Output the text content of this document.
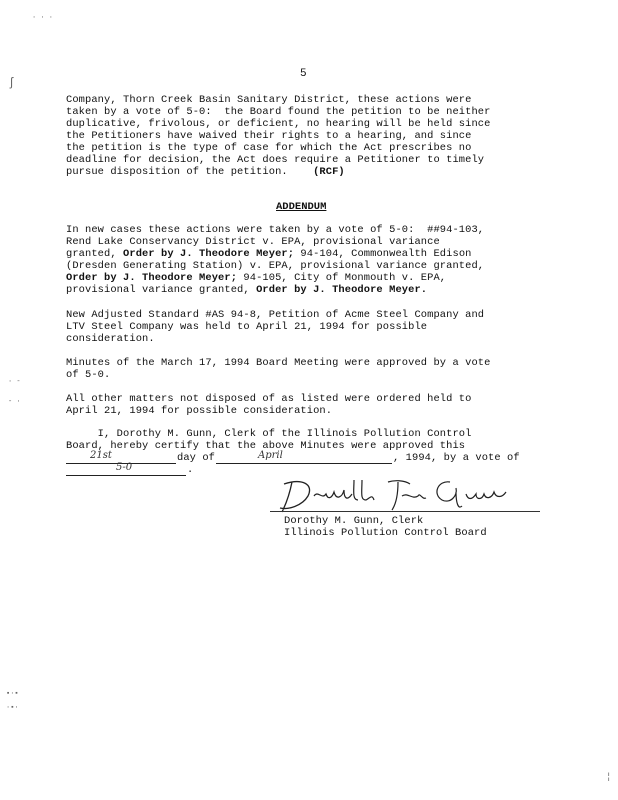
5
Company, Thorn Creek Basin Sanitary District, these actions were
taken by a vote of 5-0:  the Board found the petition to be neither
duplicative, frivolous, or deficient, no hearing will be held since
the Petitioners have waived their rights to a hearing, and since
the petition is the type of case for which the Act prescribes no
deadline for decision, the Act does require a Petitioner to timely
pursue disposition of the petition. (RCF)
ADDENDUM
In new cases these actions were taken by a vote of 5-0:  ##94-103,
Rend Lake Conservancy District v. EPA, provisional variance
granted, Order by J. Theodore Meyer; 94-104, Commonwealth Edison
(Dresden Generating Station) v. EPA, provisional variance granted,
Order by J. Theodore Meyer; 94-105, City of Monmouth v. EPA,
provisional variance granted, Order by J. Theodore Meyer.
New Adjusted Standard #AS 94-8, Petition of Acme Steel Company and
LTV Steel Company was held to April 21, 1994 for possible
consideration.
Minutes of the March 17, 1994 Board Meeting were approved by a vote
of 5-0.
All other matters not disposed of as listed were ordered held to
April 21, 1994 for possible consideration.
I, Dorothy M. Gunn, Clerk of the Illinois Pollution Control
Board, hereby certify that the above Minutes were approved this
21st	day of	April	, 1994, by a vote of
5-0	.
Dorothy M. Gunn, Clerk
Illinois Pollution Control Board
· · ·
ʃ
· -
- ·
▪·▪
·▪·
¦
